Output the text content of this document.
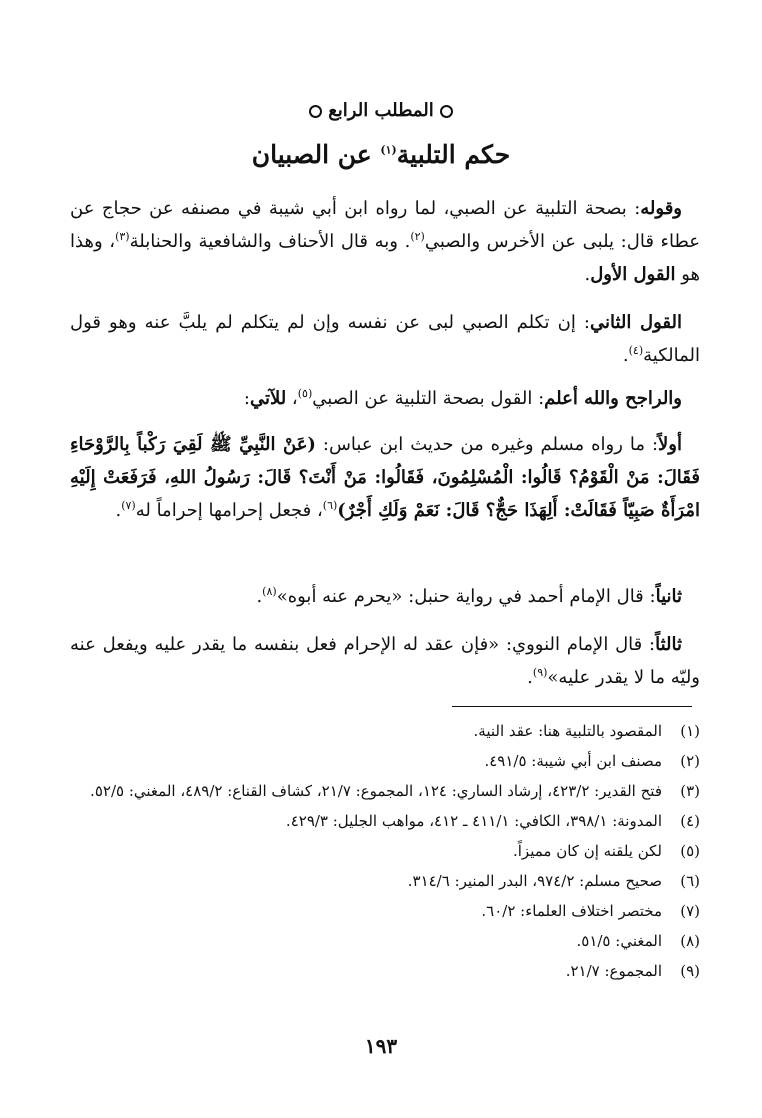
المطلب الرابع
حكم التلبية$^{(١)}$ عن الصبيان
وقوله: بصحة التلبية عن الصبي، لما رواه ابن أبي شيبة في مصنفه عن حجاج عن عطاء قال: يلبى عن الأخرس والصبي$^{(٢)}$. وبه قال الأحناف والشافعية والحنابلة$^{(٣)}$، وهذا هو القول الأول.
القول الثاني: إن تكلم الصبي لبى عن نفسه وإن لم يتكلم لم يلبَّ عنه وهو قول المالكية$^{(٤)}$.
والراجح والله أعلم: القول بصحة التلبية عن الصبي$^{(٥)}$، للآتي:
أولاً: ما رواه مسلم وغيره من حديث ابن عباس: (عَنْ النَّبِيِّ ﷺ لَقِيَ رَكْباً بِالرَّوْحَاءِ فَقَالَ: مَنْ الْقَوْمُ؟ قَالُوا: الْمُسْلِمُونَ، فَقَالُوا: مَنْ أَنْتَ؟ قَالَ: رَسُولُ اللهِ، فَرَفَعَتْ إِلَيْهِ امْرَأَةٌ صَبِيّاً فَقَالَتْ: أَلِهَذَا حَجٌّ؟ قَالَ: نَعَمْ وَلَكِ أَجْرٌ)$^{(٦)}$، فجعل إحرامها إحراماً له$^{(٧)}$.
ثانياً: قال الإمام أحمد في رواية حنبل: «يحرم عنه أبوه»$^{(٨)}$.
ثالثاً: قال الإمام النووي: «فإن عقد له الإحرام فعل بنفسه ما يقدر عليه ويفعل عنه وليّه ما لا يقدر عليه»$^{(٩)}$.
(١)
المقصود بالتلبية هنا: عقد النية.
(٢)
مصنف ابن أبي شيبة: ٤٩١/٥.
(٣)
فتح القدير: ٤٢٣/٢، إرشاد الساري: ١٢٤، المجموع: ٢١/٧، كشاف القناع: ٤٨٩/٢، المغني: ٥٢/٥.
(٤)
المدونة: ٣٩٨/١، الكافي: ٤١١/١ ـ ٤١٢، مواهب الجليل: ٤٢٩/٣.
(٥)
لكن يلقنه إن كان مميزاً.
(٦)
صحيح مسلم: ٩٧٤/٢، البدر المنير: ٣١٤/٦.
(٧)
مختصر اختلاف العلماء: ٦٠/٢.
(٨)
المغني: ٥١/٥.
(٩)
المجموع: ٢١/٧.
١٩٣
